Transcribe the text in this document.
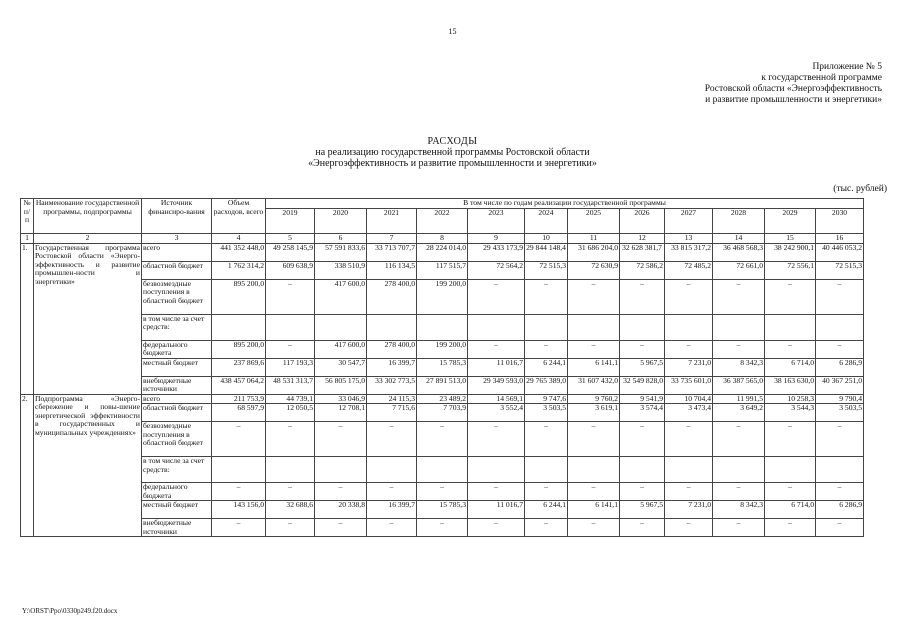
15
Приложение № 5
к государственной программе
Ростовской области «Энергоэффективность
и развитие промышленности и энергетики»
РАСХОДЫ
на реализацию государственной программы Ростовской области
«Энергоэффективность и развитие промышленности и энергетики»
(тыс. рублей)
№ п/п	Наименование государственной программы, подпрограммы	Источник финансиро-вания	Объем расходов, всего	В том числе по годам реализации государственной программы											
				2019	2020	2021	2022	2023	2024	2025	2026	2027	2028	2029	2030
1	2	3	4	5	6	7	8	9	10	11	12	13	14	15	16
1.	Государственная программа Ростовской области «Энерго-эффективность и развитие промышлен-ности и энергетики»	всего	441 352 448,0	49 258 145,9	57 591 833,6	33 713 707,7	28 224 014,0	29 433 173,9	29 844 148,4	31 686 204,0	32 628 381,7	33 815 317,2	36 468 568,3	38 242 900,1	40 446 053,2
		областной бюджет	1 762 314,2	609 638,9	338 510,9	116 134,5	117 515,7	72 564,2	72 515,3	72 630,9	72 586,2	72 485,2	72 661,0	72 556,1	72 515,3
		безвозмездные поступления в областной бюджет	895 200,0	–	417 600,0	278 400,0	199 200,0	–	–	–	–	–	–	–	–
		в том числе за счет средств:													
		федерального бюджета	895 200,0	–	417 600,0	278 400,0	199 200,0	–	–	–	–	–	–	–	–
		местный бюджет	237 869,6	117 193,3	30 547,7	16 399,7	15 785,3	11 016,7	6 244,1	6 141,1	5 967,5	7 231,0	8 342,3	6 714,0	6 286,9
		внебюджетные источники	438 457 064,2	48 531 313,7	56 805 175,0	33 302 773,5	27 891 513,0	29 349 593,0	29 765 389,0	31 607 432,0	32 549 828,0	33 735 601,0	36 387 565,0	38 163 630,0	40 367 251,0
2.	Подпрограмма «Энерго-сбережение и повы-шение энергетической эффективности в государственных и муниципальных учреждениях»	всего	211 753,9	44 739,1	33 046,9	24 115,3	23 489,2	14 569,1	9 747,6	9 760,2	9 541,9	10 704,4	11 991,5	10 258,3	9 790,4
		областной бюджет	68 597,9	12 050,5	12 708,1	7 715,6	7 703,9	3 552,4	3 503,5	3 619,1	3 574,4	3 473,4	3 649,2	3 544,3	3 503,5
		безвозмездные поступления в областной бюджет	–	–	–	–	–	–	–	–	–	–	–	–	–
		в том числе за счет средств:													
		федерального бюджета	–	–	–	–	–	–	–	–	–	–	–	–	–
		местный бюджет	143 156,0	32 688,6	20 338,8	16 399,7	15 785,3	11 016,7	6 244,1	6 141,1	5 967,5	7 231,0	8 342,3	6 714,0	6 286,9
		внебюджетные источники	–	–	–	–	–	–	–	–	–	–	–	–	–
Y:\ORST\Ppo\0330p249.f20.docx
